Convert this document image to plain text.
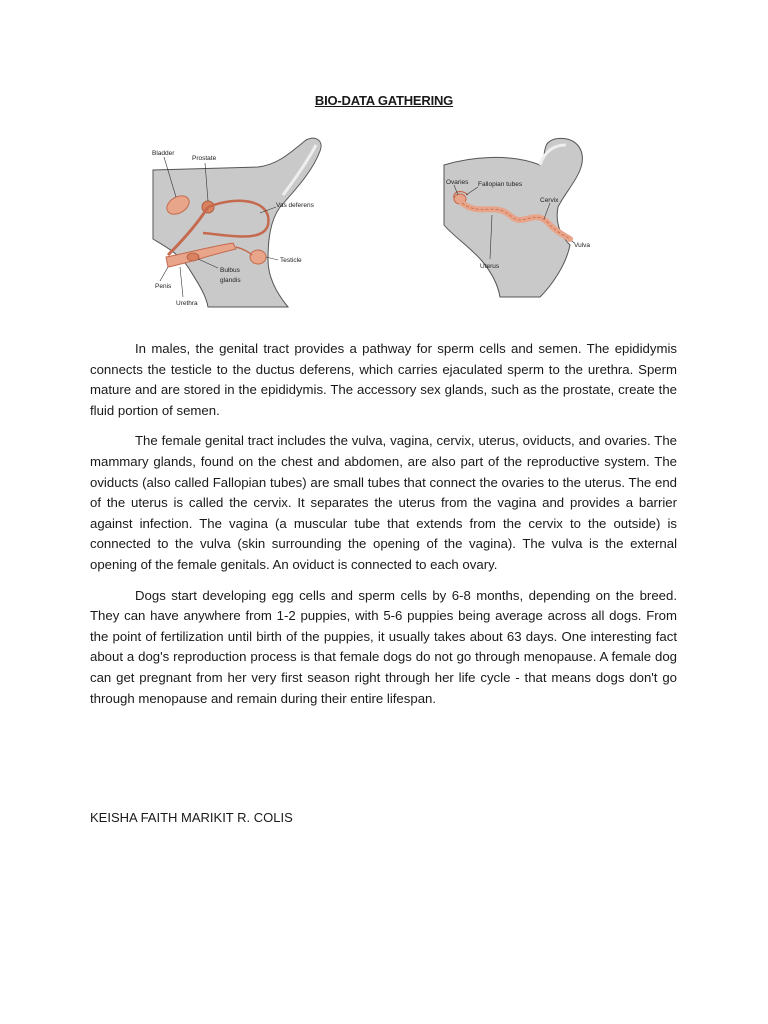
BIO-DATA GATHERING
Bladder
Prostate
Vas deferens
Testicle
Bulbus
glandis
Penis
Urethra
Ovaries Fallopian tubes
Cervix
Vulva
Uterus

In males, the genital tract provides a pathway for sperm cells and semen. The epididymis connects the testicle to the ductus deferens, which carries ejaculated sperm to the urethra. Sperm mature and are stored in the epididymis. The accessory sex glands, such as the prostate, create the fluid portion of semen.

The female genital tract includes the vulva, vagina, cervix, uterus, oviducts, and ovaries. The mammary glands, found on the chest and abdomen, are also part of the reproductive system. The oviducts (also called Fallopian tubes) are small tubes that connect the ovaries to the uterus. The end of the uterus is called the cervix. It separates the uterus from the vagina and provides a barrier against infection. The vagina (a muscular tube that extends from the cervix to the outside) is connected to the vulva (skin surrounding the opening of the vagina). The vulva is the external opening of the female genitals. An oviduct is connected to each ovary.

Dogs start developing egg cells and sperm cells by 6-8 months, depending on the breed. They can have anywhere from 1-2 puppies, with 5-6 puppies being average across all dogs. From the point of fertilization until birth of the puppies, it usually takes about 63 days. One interesting fact about a dog's reproduction process is that female dogs do not go through menopause. A female dog can get pregnant from her very first season right through her life cycle - that means dogs don't go through menopause and remain during their entire lifespan.

KEISHA FAITH MARIKIT R. COLIS
